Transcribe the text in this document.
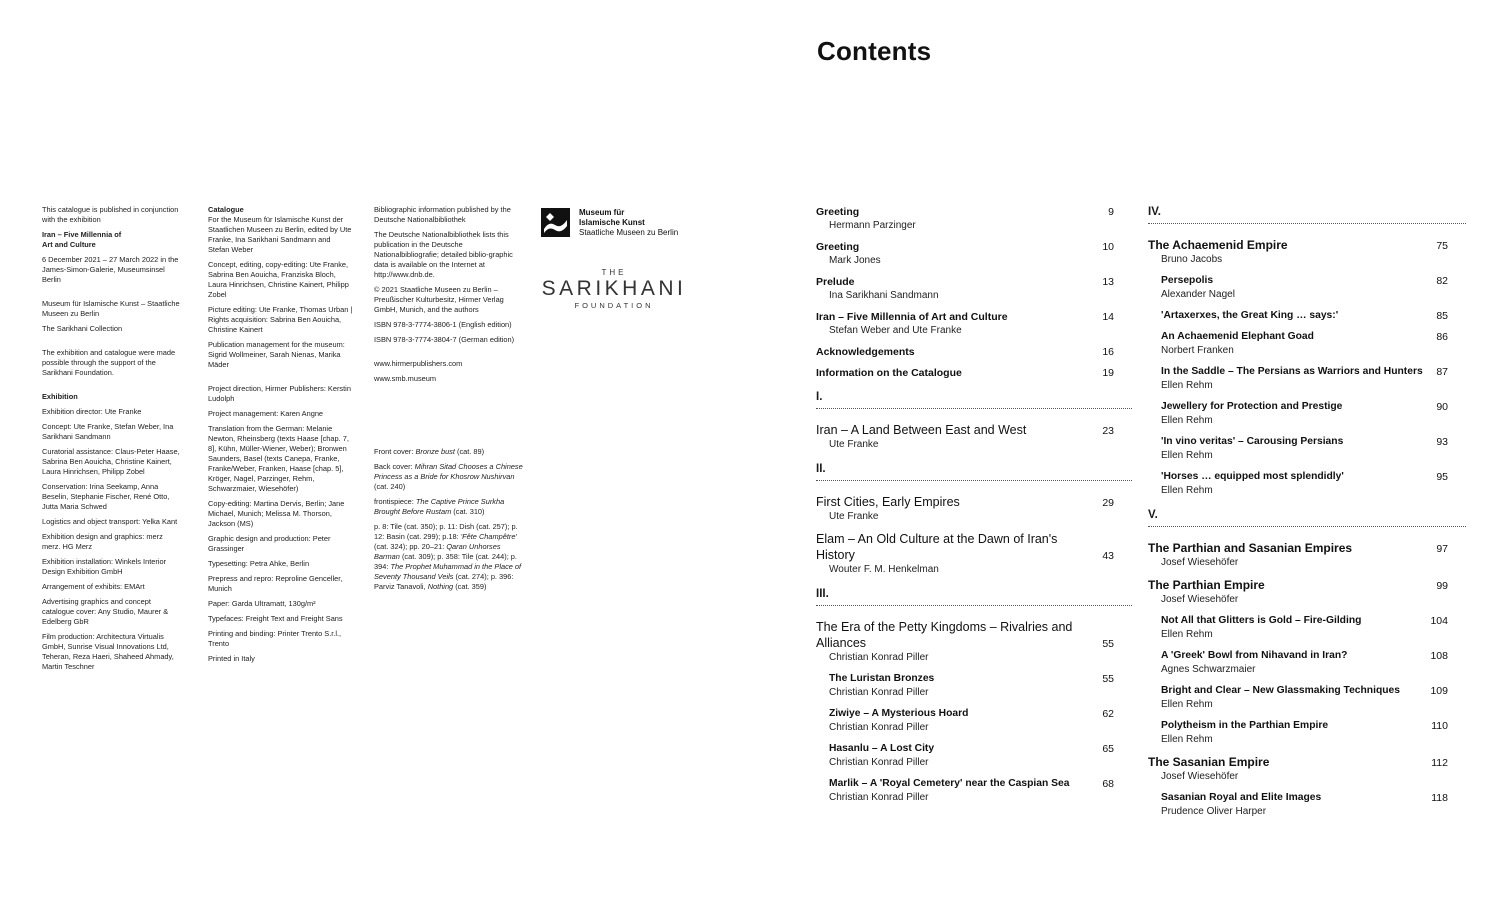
This catalogue is published in conjunction with the exhibition
Iran – Five Millennia of
Art and Culture
6 December 2021 – 27 March 2022 in the James-Simon-Galerie, Museumsinsel Berlin
Museum für Islamische Kunst – Staatliche Museen zu Berlin
The Sarikhani Collection
The exhibition and catalogue were made possible through the support of the Sarikhani Foundation.
Exhibition
Exhibition director: Ute Franke
Concept: Ute Franke, Stefan Weber, Ina Sarikhani Sandmann
Curatorial assistance: Claus-Peter Haase, Sabrina Ben Aouicha, Christine Kainert, Laura Hinrichsen, Philipp Zobel
Conservation: Irina Seekamp, Anna Beselin, Stephanie Fischer, René Otto, Jutta Maria Schwed
Logistics and object transport: Yelka Kant
Exhibition design and graphics: merz merz. HG Merz
Exhibition installation: Winkels Interior Design Exhibition GmbH
Arrangement of exhibits: EMArt
Advertising graphics and concept catalogue cover: Any Studio, Maurer & Edelberg GbR
Film production: Architectura Virtualis GmbH, Sunrise Visual Innovations Ltd, Teheran, Reza Haeri, Shaheed Ahmady, Martin Teschner
Catalogue
For the Museum für Islamische Kunst der Staatlichen Museen zu Berlin, edited by Ute Franke, Ina Sarikhani Sandmann and Stefan Weber
Concept, editing, copy-editing: Ute Franke, Sabrina Ben Aouicha, Franziska Bloch, Laura Hinrichsen, Christine Kainert, Philipp Zobel
Picture editing: Ute Franke, Thomas Urban | Rights acquisition: Sabrina Ben Aouicha, Christine Kainert
Publication management for the museum: Sigrid Wollmeiner, Sarah Nienas, Marika Mäder
Project direction, Hirmer Publishers: Kerstin Ludolph
Project management: Karen Angne
Translation from the German: Melanie Newton, Rheinsberg (texts Haase [chap. 7, 8], Kühn, Müller-Wiener, Weber); Bronwen Saunders, Basel (texts Canepa, Franke, Franke/Weber, Franken, Haase [chap. 5], Kröger, Nagel, Parzinger, Rehm, Schwarzmaier, Wiesehöfer)
Copy-editing: Martina Dervis, Berlin; Jane Michael, Munich; Melissa M. Thorson, Jackson (MS)
Graphic design and production: Peter Grassinger
Typesetting: Petra Ahke, Berlin
Prepress and repro: Reproline Genceller, Munich
Paper: Garda Ultramatt, 130g/m²
Typefaces: Freight Text and Freight Sans
Printing and binding: Printer Trento S.r.l., Trento
Printed in Italy
Bibliographic information published by the Deutsche Nationalbibliothek
The Deutsche Nationalbibliothek lists this publication in the Deutsche Nationalbibliografie; detailed biblio-graphic data is available on the Internet at http://www.dnb.de.
© 2021 Staatliche Museen zu Berlin – Preußischer Kulturbesitz, Hirmer Verlag GmbH, Munich, and the authors
ISBN 978-3-7774-3806-1 (English edition)
ISBN 978-3-7774-3804-7 (German edition)
www.hirmerpublishers.com
www.smb.museum
Front cover: Bronze bust (cat. 89)
Back cover: Mihran Sitad Chooses a Chinese Princess as a Bride for Khosrow Nushirvan (cat. 240)
frontispiece: The Captive Prince Surkha Brought Before Rustam (cat. 310)
p. 8: Tile (cat. 350); p. 11: Dish (cat. 257); p. 12: Basin (cat. 299); p.18: 'Fête Champêtre' (cat. 324); pp. 20–21: Qaran Unhorses Barman (cat. 309); p. 358: Tile (cat. 244); p. 394: The Prophet Muhammad in the Place of Seventy Thousand Veils (cat. 274); p. 396: Parviz Tanavoli, Nothing (cat. 359)
Museum für
Islamische Kunst
Staatliche Museen zu Berlin
THE
SARIKHANI
FOUNDATION
Contents
Greeting
Hermann Parzinger
9
Greeting
Mark Jones
10
Prelude
Ina Sarikhani Sandmann
13
Iran – Five Millennia of Art and Culture
Stefan Weber and Ute Franke
14
Acknowledgements	16
Information on the Catalogue	19
I.
Iran – A Land Between East and West
Ute Franke
23
II.
First Cities, Early Empires
Ute Franke
29
Elam – An Old Culture at the Dawn of Iran's History
Wouter F. M. Henkelman
43
III.
The Era of the Petty Kingdoms – Rivalries and Alliances
Christian Konrad Piller
55
The Luristan Bronzes
Christian Konrad Piller
55
Ziwiye – A Mysterious Hoard
Christian Konrad Piller
62
Hasanlu – A Lost City
Christian Konrad Piller
65
Marlik – A 'Royal Cemetery' near the Caspian Sea
Christian Konrad Piller
68
IV.
The Achaemenid Empire
Bruno Jacobs
75
Persepolis
Alexander Nagel
82
'Artaxerxes, the Great King … says:'	85
An Achaemenid Elephant Goad
Norbert Franken
86
In the Saddle – The Persians as Warriors and Hunters
Ellen Rehm
87
Jewellery for Protection and Prestige
Ellen Rehm
90
'In vino veritas' – Carousing Persians
Ellen Rehm
93
'Horses … equipped most splendidly'
Ellen Rehm
95
V.
The Parthian and Sasanian Empires
Josef Wiesehöfer
97
The Parthian Empire
Josef Wiesehöfer
99
Not All that Glitters is Gold – Fire-Gilding
Ellen Rehm
104
A 'Greek' Bowl from Nihavand in Iran?
Agnes Schwarzmaier
108
Bright and Clear – New Glassmaking Techniques
Ellen Rehm
109
Polytheism in the Parthian Empire
Ellen Rehm
110
The Sasanian Empire
Josef Wiesehöfer
112
Sasanian Royal and Elite Images
Prudence Oliver Harper
118
